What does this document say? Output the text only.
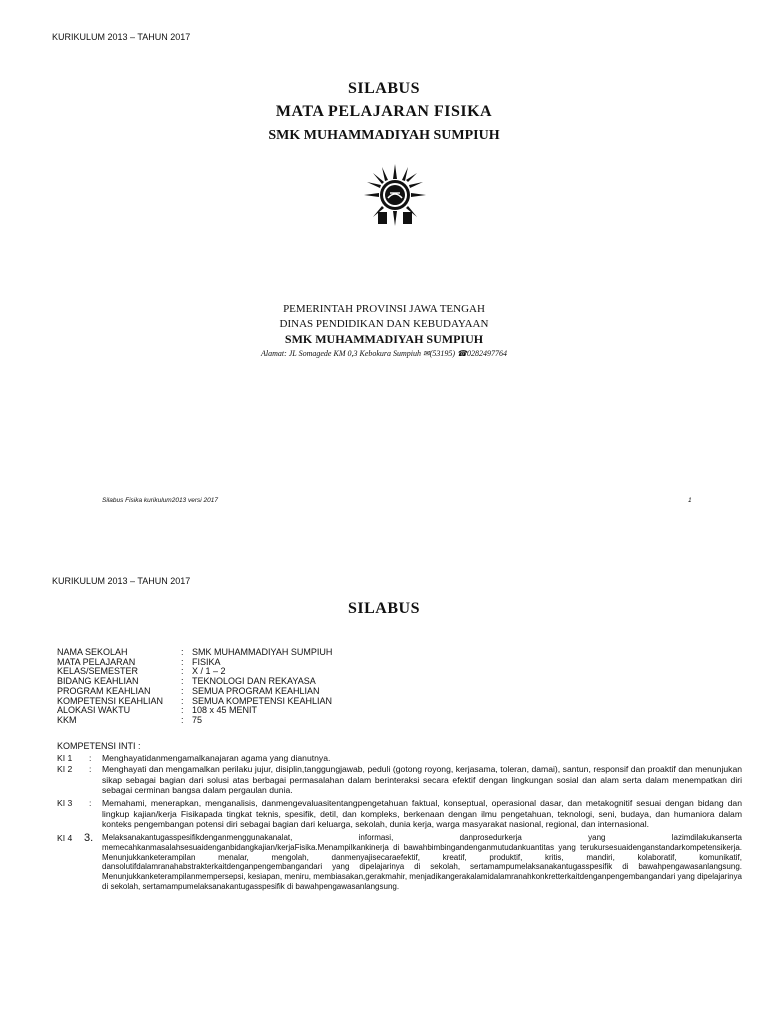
KURIKULUM 2013 – TAHUN 2017
SILABUS
MATA PELAJARAN FISIKA
SMK MUHAMMADIYAH SUMPIUH
PEMERINTAH PROVINSI JAWA TENGAH
DINAS PENDIDIKAN DAN KEBUDAYAAN
SMK MUHAMMADIYAH SUMPIUH
Alamat: JL Somagede KM 0,3 Kebokura Sumpiuh ✉(53195) ☎0282497764
Silabus Fisika kurikulum2013 versi 2017	1
KURIKULUM 2013 – TAHUN 2017
SILABUS
NAMA SEKOLAH	: SMK MUHAMMADIYAH SUMPIUH
MATA PELAJARAN	: FISIKA
KELAS/SEMESTER	: X / 1 – 2
BIDANG KEAHLIAN	: TEKNOLOGI DAN REKAYASA
PROGRAM KEAHLIAN	: SEMUA PROGRAM KEAHLIAN
KOMPETENSI KEAHLIAN : SEMUA KOMPETENSI KEAHLIAN
ALOKASI WAKTU	: 108 x 45 MENIT
KKM	: 75
KOMPETENSI INTI :
KI 1 : Menghayatidanmengamalkanajaran agama yang dianutnya.
KI 2 : Menghayati dan mengamalkan perilaku jujur, disiplin,tanggungjawab, peduli (gotong royong, kerjasama, toleran, damai), santun, responsif dan proaktif dan menunjukan sikap sebagai bagian dari solusi atas berbagai permasalahan dalam berinteraksi secara efektif dengan lingkungan sosial dan alam serta dalam menempatkan diri sebagai cerminan bangsa dalam pergaulan dunia.
KI 3 : Memahami, menerapkan, menganalisis, danmengevaluasitentangpengetahuan faktual, konseptual, operasional dasar, dan metakognitif sesuai dengan bidang dan lingkup kajian/kerja Fisikapada tingkat teknis, spesifik, detil, dan kompleks, berkenaan dengan ilmu pengetahuan, teknologi, seni, budaya, dan humaniora dalam konteks pengembangan potensi diri sebagai bagian dari keluarga, sekolah, dunia kerja, warga masyarakat nasional, regional, dan internasional.
KI 4 3. Melaksanakantugasspesifikdenganmenggunakanalat, informasi, danprosedurkerja yang lazimdilakukanserta memecahkanmasalahsesuaidenganbidangkajian/kerjaFisika.Menampilkankinerja di bawahbimbingandenganmutudankuantitas yang terukursesuaidenganstandarkompetensikerja. Menunjukkanketerampilan menalar, mengolah, danmenyajisecaraefektif, kreatif, produktif, kritis, mandiri, kolaboratif, komunikatif, dansolutifdalamranahabstrakterkaitdenganpengembangandari yang dipelajarinya di sekolah, sertamampumelaksanakantugasspesifik di bawahpengawasanlangsung. Menunjukkanketerampilanmempersepsi, kesiapan, meniru, membiasakan,gerakmahir, menjadikangerakalamidalamranahkonkretterkaitdenganpengembangandari yang dipelajarinya di sekolah, sertamampumelaksanakantugasspesifik di bawahpengawasanlangsung.
